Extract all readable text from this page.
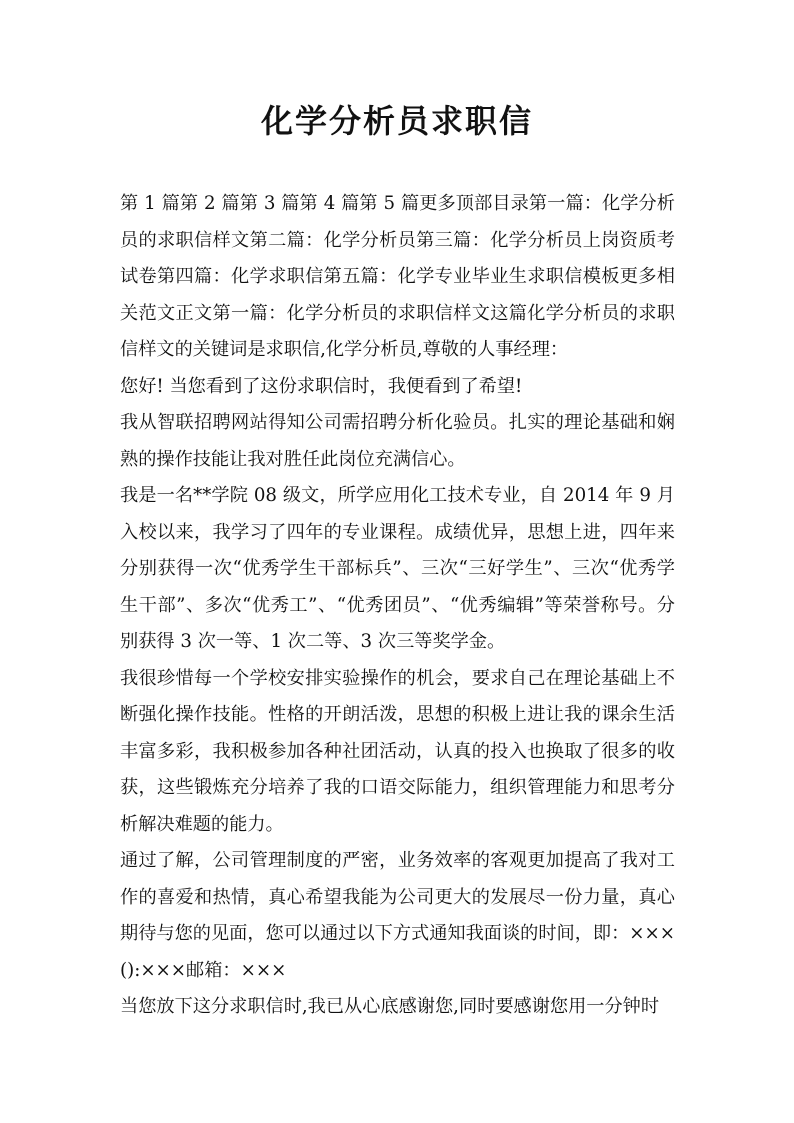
化学分析员求职信

第 1 篇第 2 篇第 3 篇第 4 篇第 5 篇更多顶部目录第一篇：化学分析员的求职信样文第二篇：化学分析员第三篇：化学分析员上岗资质考试卷第四篇：化学求职信第五篇：化学专业毕业生求职信模板更多相关范文正文第一篇：化学分析员的求职信样文这篇化学分析员的求职信样文的关键词是求职信,化学分析员,尊敬的人事经理：

您好! 当您看到了这份求职信时，我便看到了希望!

我从智联招聘网站得知公司需招聘分析化验员。扎实的理论基础和娴熟的操作技能让我对胜任此岗位充满信心。

我是一名**学院 08 级文，所学应用化工技术专业，自 2014 年 9 月入校以来，我学习了四年的专业课程。成绩优异，思想上进，四年来分别获得一次“优秀学生干部标兵”、三次“三好学生”、三次“优秀学生干部”、多次“优秀工”、“优秀团员”、“优秀编辑”等荣誉称号。分别获得 3 次一等、1 次二等、3 次三等奖学金。

我很珍惜每一个学校安排实验操作的机会，要求自己在理论基础上不断强化操作技能。性格的开朗活泼，思想的积极上进让我的课余生活丰富多彩，我积极参加各种社团活动，认真的投入也换取了很多的收获，这些锻炼充分培养了我的口语交际能力，组织管理能力和思考分析解决难题的能力。

通过了解，公司管理制度的严密，业务效率的客观更加提高了我对工作的喜爱和热情，真心希望我能为公司更大的发展尽一份力量，真心期待与您的见面，您可以通过以下方式通知我面谈的时间，即：×××():×××邮箱：×××

当您放下这分求职信时,我已从心底感谢您,同时要感谢您用一分钟时
